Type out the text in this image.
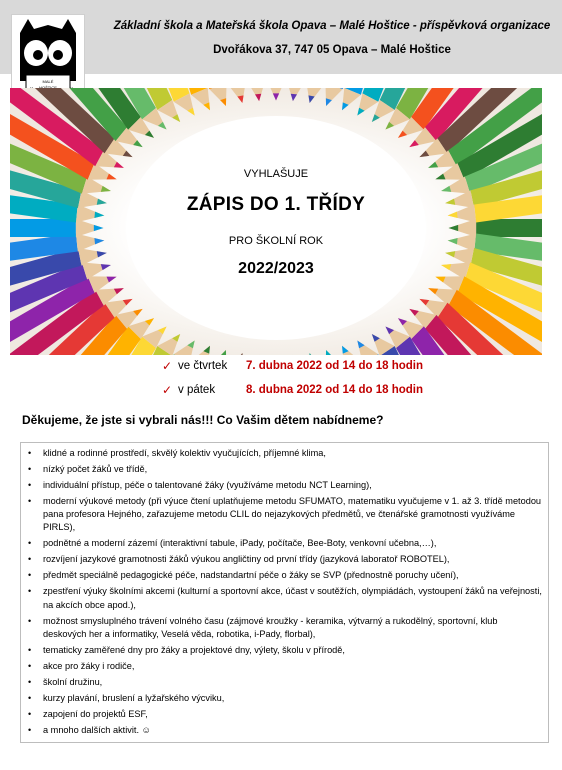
MALÉ
Základní škola a Mateřská škola Opava – Malé Hoštice - příspěvková organizace
Dvořákova 37, 747 05 Opava – Malé Hoštice
VYHLAŠUJE
ZÁPIS DO 1. TŘÍDY
PRO ŠKOLNÍ ROK
2022/2023
✓ ve čtvrtek 7. dubna 2022 od 14 do 18 hodin
✓ v pátek	8. dubna 2022 od 14 do 18 hodin
Děkujeme, že jste si vybrali nás!!! Co Vašim dětem nabídneme?
• klidné a rodinné prostředí, skvělý kolektiv vyučujících, příjemné klima,
• nízký počet žáků ve třídě,
• individuální přístup, péče o talentované žáky (využíváme metodu NCT Learning),
• moderní výukové metody (při výuce čtení uplatňujeme metodu SFUMATO, matematiku vyučujeme v 1. až 3. třídě metodou pana profesora Hejného, zařazujeme metodu CLIL do nejazykových předmětů, ve čtenářské gramotnosti využíváme PIRLS),
• podnětné a moderní zázemí (interaktivní tabule, iPady, počítače, Bee-Boty, venkovní učebna,…),
• rozvíjení jazykové gramotnosti žáků výukou angličtiny od první třídy (jazyková laboratoř ROBOTEL),
• předmět speciálně pedagogické péče, nadstandartní péče o žáky se SVP (přednostně poruchy učení),
• zpestření výuky školními akcemi (kulturní a sportovní akce, účast v soutěžích, olympiádách, vystoupení žáků na veřejnosti, na akcích obce apod.),
• možnost smysluplného trávení volného času (zájmové kroužky - keramika, výtvarný a rukodělný, sportovní, klub deskových her a informatiky, Veselá věda, robotika, i-Pady, florbal),
• tematicky zaměřené dny pro žáky a projektové dny, výlety, školu v přírodě,
• akce pro žáky i rodiče,
• školní družinu,
• kurzy plavání, bruslení a lyžařského výcviku,
• zapojení do projektů ESF,
• a mnoho dalších aktivit. ☺
